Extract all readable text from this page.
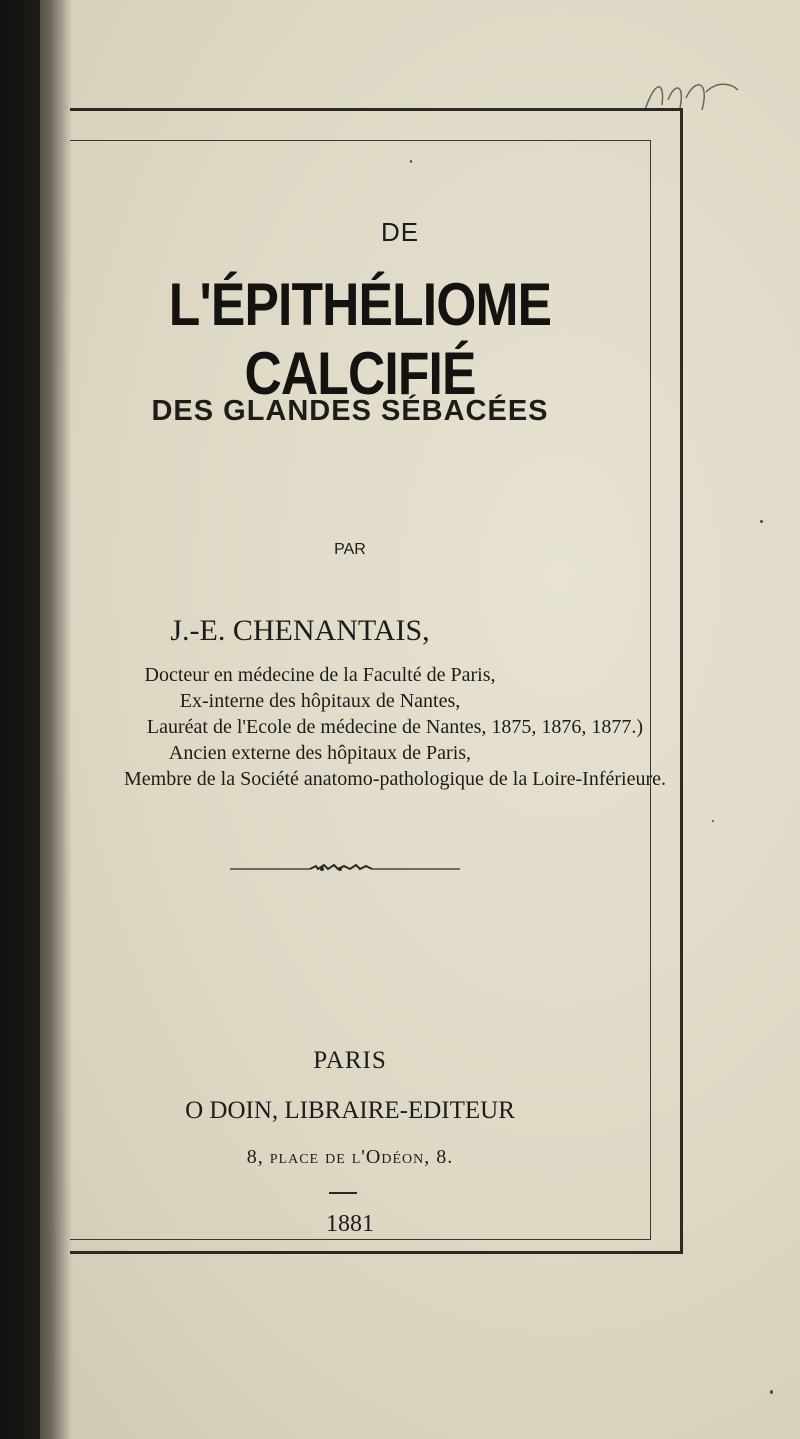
DE
L'ÉPITHÉLIOME CALCIFIÉ
DES GLANDES SÉBACÉES
PAR
J.-E. CHENANTAIS,
Docteur en médecine de la Faculté de Paris,
Ex-interne des hôpitaux de Nantes,
Lauréat de l'Ecole de médecine de Nantes, 1875, 1876, 1877.)
Ancien externe des hôpitaux de Paris,
Membre de la Société anatomo-pathologique de la Loire-Inférieure.
PARIS
O DOIN, LIBRAIRE-EDITEUR
8, place de l'Odéon, 8.
1881
